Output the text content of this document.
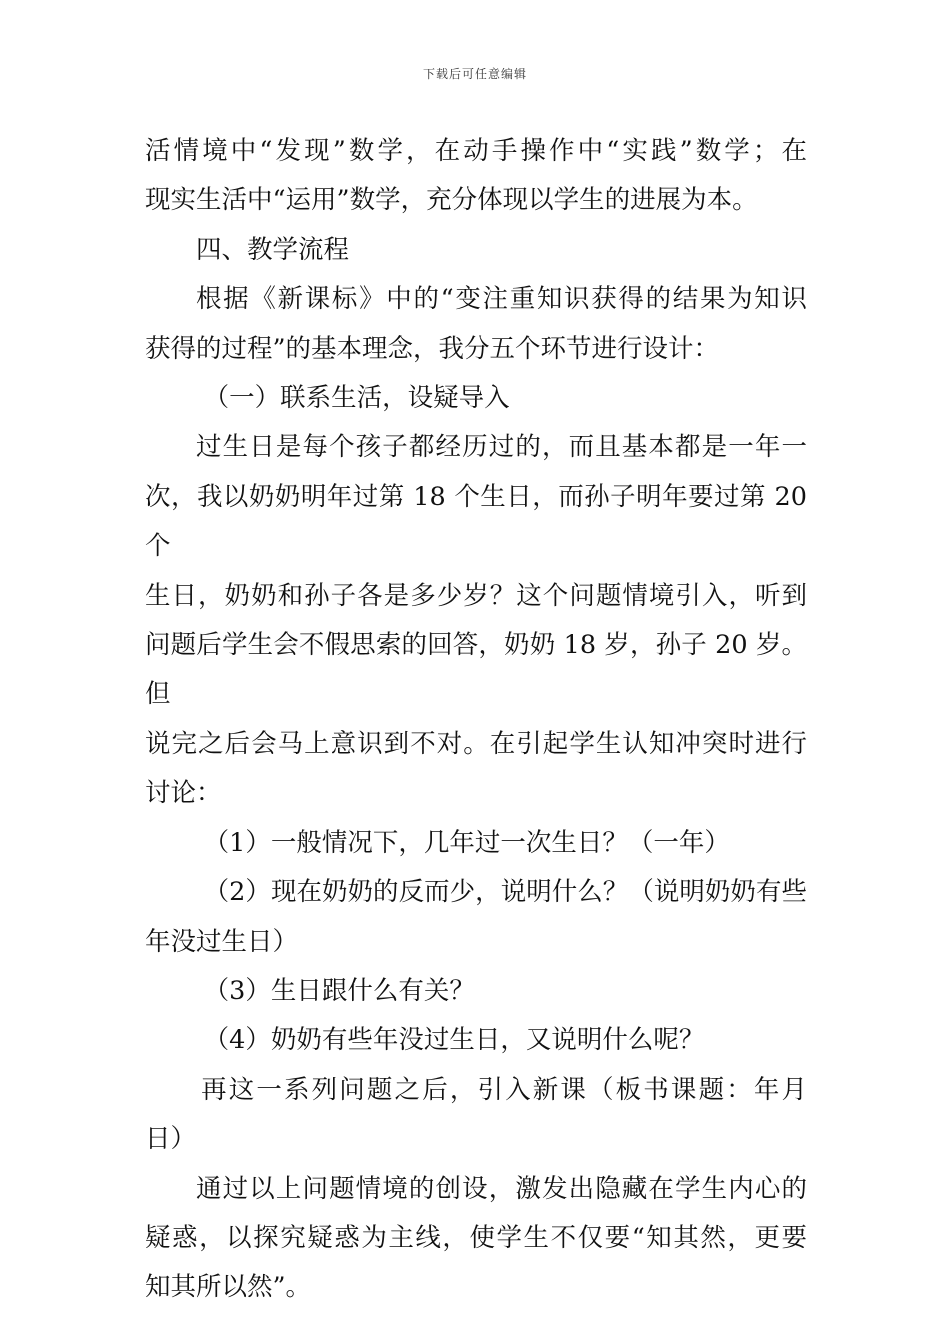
下载后可任意编辑

活情境中“发现”数学，在动手操作中“实践”数学；在
现实生活中“运用”数学，充分体现以学生的进展为本。

四、教学流程

根据《新课标》中的“变注重知识获得的结果为知识
获得的过程”的基本理念，我分五个环节进行设计：

（一）联系生活，设疑导入

过生日是每个孩子都经历过的，而且基本都是一年一
次，我以奶奶明年过第 18 个生日，而孙子明年要过第 20 个
生日，奶奶和孙子各是多少岁？这个问题情境引入，听到
问题后学生会不假思索的回答，奶奶 18 岁，孙子 20 岁。但
说完之后会马上意识到不对。在引起学生认知冲突时进行
讨论：

（1）一般情况下，几年过一次生日？（一年）

（2）现在奶奶的反而少，说明什么？（说明奶奶有些
年没过生日）

（3）生日跟什么有关？

（4）奶奶有些年没过生日，又说明什么呢？

再这一系列问题之后，引入新课（板书课题：年月
日）

通过以上问题情境的创设，激发出隐藏在学生内心的
疑惑，以探究疑惑为主线，使学生不仅要“知其然，更要
知其所以然”。
